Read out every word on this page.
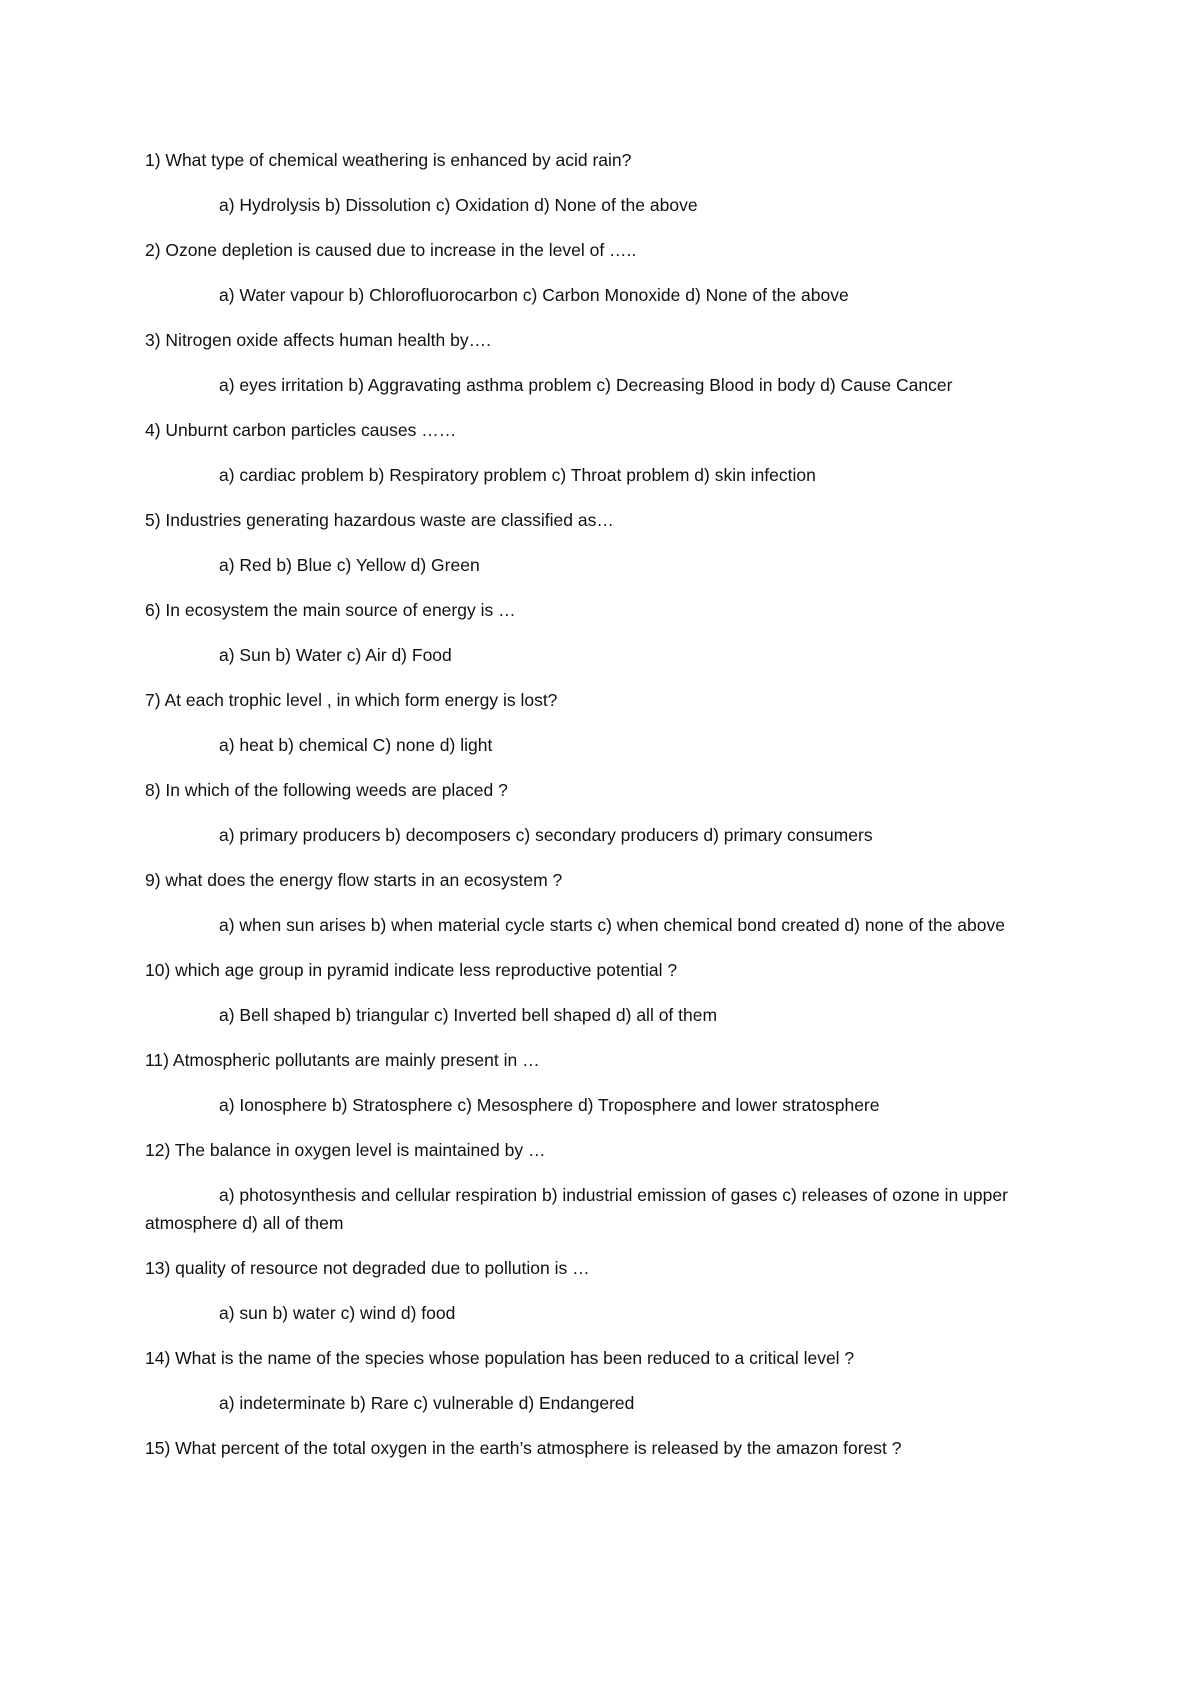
1) What type of chemical weathering is enhanced by acid rain?
a) Hydrolysis b) Dissolution c) Oxidation d) None of the above
2) Ozone depletion is caused due to increase in the level of …..
a) Water vapour b) Chlorofluorocarbon c) Carbon Monoxide d) None of the above
3) Nitrogen oxide affects human health by….
a) eyes irritation b) Aggravating asthma problem c) Decreasing Blood in body d) Cause Cancer
4) Unburnt carbon particles causes ……
a) cardiac problem b) Respiratory problem c) Throat problem d) skin infection
5) Industries generating hazardous waste are classified as…
a) Red b) Blue c) Yellow d) Green
6) In ecosystem the main source of energy is …
a) Sun b) Water c) Air d) Food
7) At each trophic level , in which form energy is lost?
a) heat b) chemical C) none d) light
8) In which of the following weeds are placed ?
a) primary producers b) decomposers c) secondary producers d) primary consumers
9) what does the energy flow starts in an ecosystem ?
a) when sun arises b) when material cycle starts c) when chemical bond created d) none of the above
10) which age group in pyramid indicate less reproductive potential ?
a) Bell shaped b) triangular c) Inverted bell shaped d) all of them
11) Atmospheric pollutants are mainly present in …
a) Ionosphere b) Stratosphere c) Mesosphere d) Troposphere and lower stratosphere
12) The balance in oxygen level is maintained by …
a) photosynthesis and cellular respiration b) industrial emission of gases c) releases of ozone in upper atmosphere d) all of them
13) quality of resource not degraded due to pollution is …
a) sun b) water c) wind d) food
14) What is the name of the species whose population has been reduced to a critical level ?
a) indeterminate b) Rare c) vulnerable d) Endangered
15) What percent of the total oxygen in the earth’s atmosphere is released by the amazon forest ?
